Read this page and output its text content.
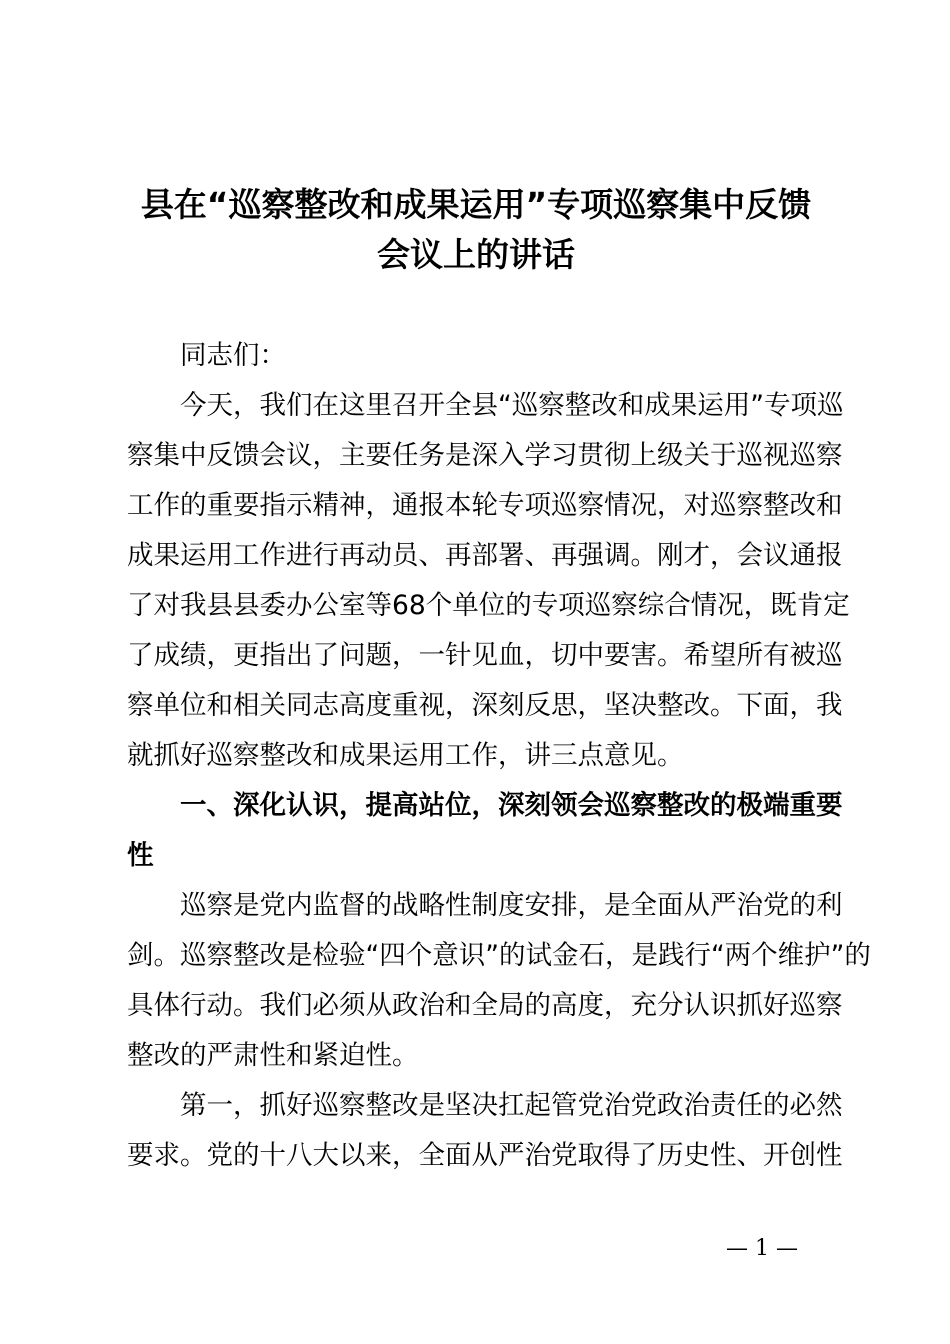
县在“巡察整改和成果运用”专项巡察集中反馈
会议上的讲话
同志们：
今天，我们在这里召开全县“巡察整改和成果运用”专项巡
察集中反馈会议，主要任务是深入学习贯彻上级关于巡视巡察
工作的重要指示精神，通报本轮专项巡察情况，对巡察整改和
成果运用工作进行再动员、再部署、再强调。刚才，会议通报
了对我县县委办公室等68个单位的专项巡察综合情况，既肯定
了成绩，更指出了问题，一针见血，切中要害。希望所有被巡
察单位和相关同志高度重视，深刻反思，坚决整改。下面，我
就抓好巡察整改和成果运用工作，讲三点意见。
一、深化认识，提高站位，深刻领会巡察整改的极端重要
性
巡察是党内监督的战略性制度安排，是全面从严治党的利
剑。巡察整改是检验“四个意识”的试金石，是践行“两个维护”的
具体行动。我们必须从政治和全局的高度，充分认识抓好巡察
整改的严肃性和紧迫性。
第一，抓好巡察整改是坚决扛起管党治党政治责任的必然
要求。党的十八大以来，全面从严治党取得了历史性、开创性
— 1 —
